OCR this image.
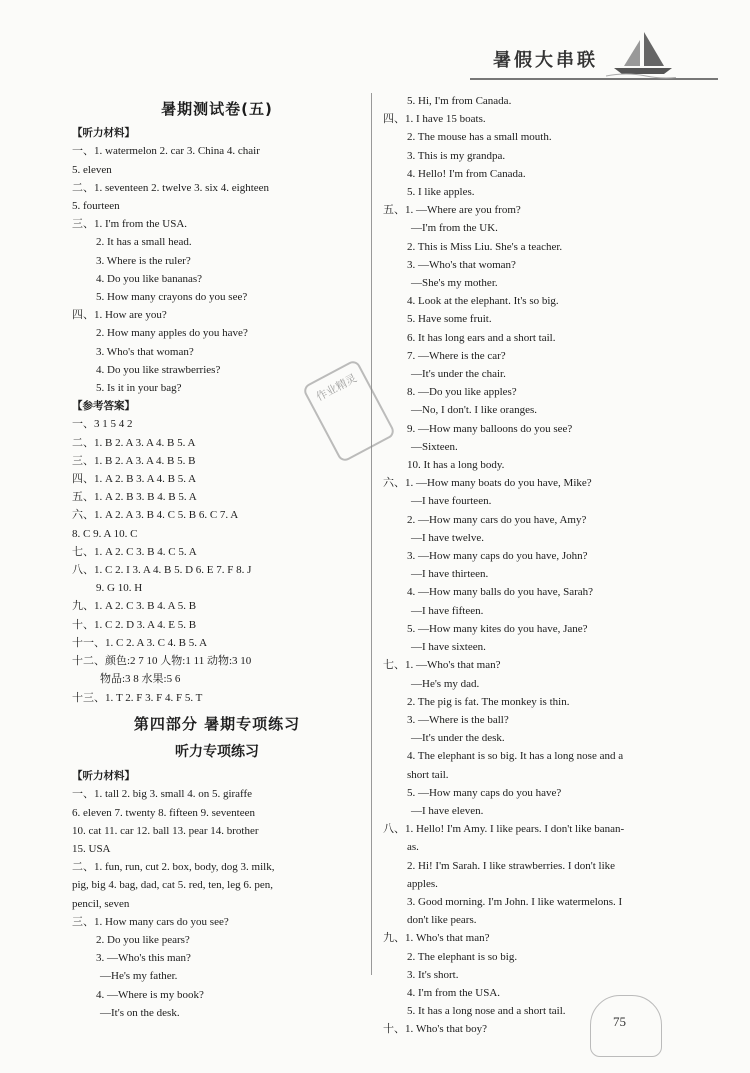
暑假大串联
暑期测试卷(五)
【听力材料】
一、1. watermelon 2. car 3. China 4. chair
5. eleven
二、1. seventeen 2. twelve 3. six 4. eighteen
5. fourteen
三、1. I'm from the USA.
2. It has a small head.
3. Where is the ruler?
4. Do you like bananas?
5. How many crayons do you see?
四、1. How are you?
2. How many apples do you have?
3. Who's that woman?
4. Do you like strawberries?
5. Is it in your bag?
【参考答案】
一、3 1 5 4 2
二、1. B 2. A 3. A 4. B 5. A
三、1. B 2. A 3. A 4. B 5. B
四、1. A 2. B 3. A 4. B 5. A
五、1. A 2. B 3. B 4. B 5. A
六、1. A 2. A 3. B 4. C 5. B 6. C 7. A
8. C 9. A 10. C
七、1. A 2. C 3. B 4. C 5. A
八、1. C 2. I 3. A 4. B 5. D 6. E 7. F 8. J
9. G 10. H
九、1. A 2. C 3. B 4. A 5. B
十、1. C 2. D 3. A 4. E 5. B
十一、1. C 2. A 3. C 4. B 5. A
十二、颜色:2 7 10 人物:1 11 动物:3 10
物品:3 8 水果:5 6
十三、1. T 2. F 3. F 4. F 5. T
第四部分 暑期专项练习
听力专项练习
【听力材料】
一、1. tall 2. big 3. small 4. on 5. giraffe
6. eleven 7. twenty 8. fifteen 9. seventeen
10. cat 11. car 12. ball 13. pear 14. brother
15. USA
二、1. fun, run, cut 2. box, body, dog 3. milk,
pig, big 4. bag, dad, cat 5. red, ten, leg 6. pen,
pencil, seven
三、1. How many cars do you see?
2. Do you like pears?
3. —Who's this man?
—He's my father.
4. —Where is my book?
—It's on the desk.
5. Hi, I'm from Canada.
四、1. I have 15 boats.
2. The mouse has a small mouth.
3. This is my grandpa.
4. Hello! I'm from Canada.
5. I like apples.
五、1. —Where are you from?
—I'm from the UK.
2. This is Miss Liu. She's a teacher.
3. —Who's that woman?
—She's my mother.
4. Look at the elephant. It's so big.
5. Have some fruit.
6. It has long ears and a short tail.
7. —Where is the car?
—It's under the chair.
8. —Do you like apples?
—No, I don't. I like oranges.
9. —How many balloons do you see?
—Sixteen.
10. It has a long body.
六、1. —How many boats do you have, Mike?
—I have fourteen.
2. —How many cars do you have, Amy?
—I have twelve.
3. —How many caps do you have, John?
—I have thirteen.
4. —How many balls do you have, Sarah?
—I have fifteen.
5. —How many kites do you have, Jane?
—I have sixteen.
七、1. —Who's that man?
—He's my dad.
2. The pig is fat. The monkey is thin.
3. —Where is the ball?
—It's under the desk.
4. The elephant is so big. It has a long nose and a
short tail.
5. —How many caps do you have?
—I have eleven.
八、1. Hello! I'm Amy. I like pears. I don't like banan-
as.
2. Hi! I'm Sarah. I like strawberries. I don't like
apples.
3. Good morning. I'm John. I like watermelons. I
don't like pears.
九、1. Who's that man?
2. The elephant is so big.
3. It's short.
4. I'm from the USA.
5. It has a long nose and a short tail.
十、1. Who's that boy?
作业精灵
75
